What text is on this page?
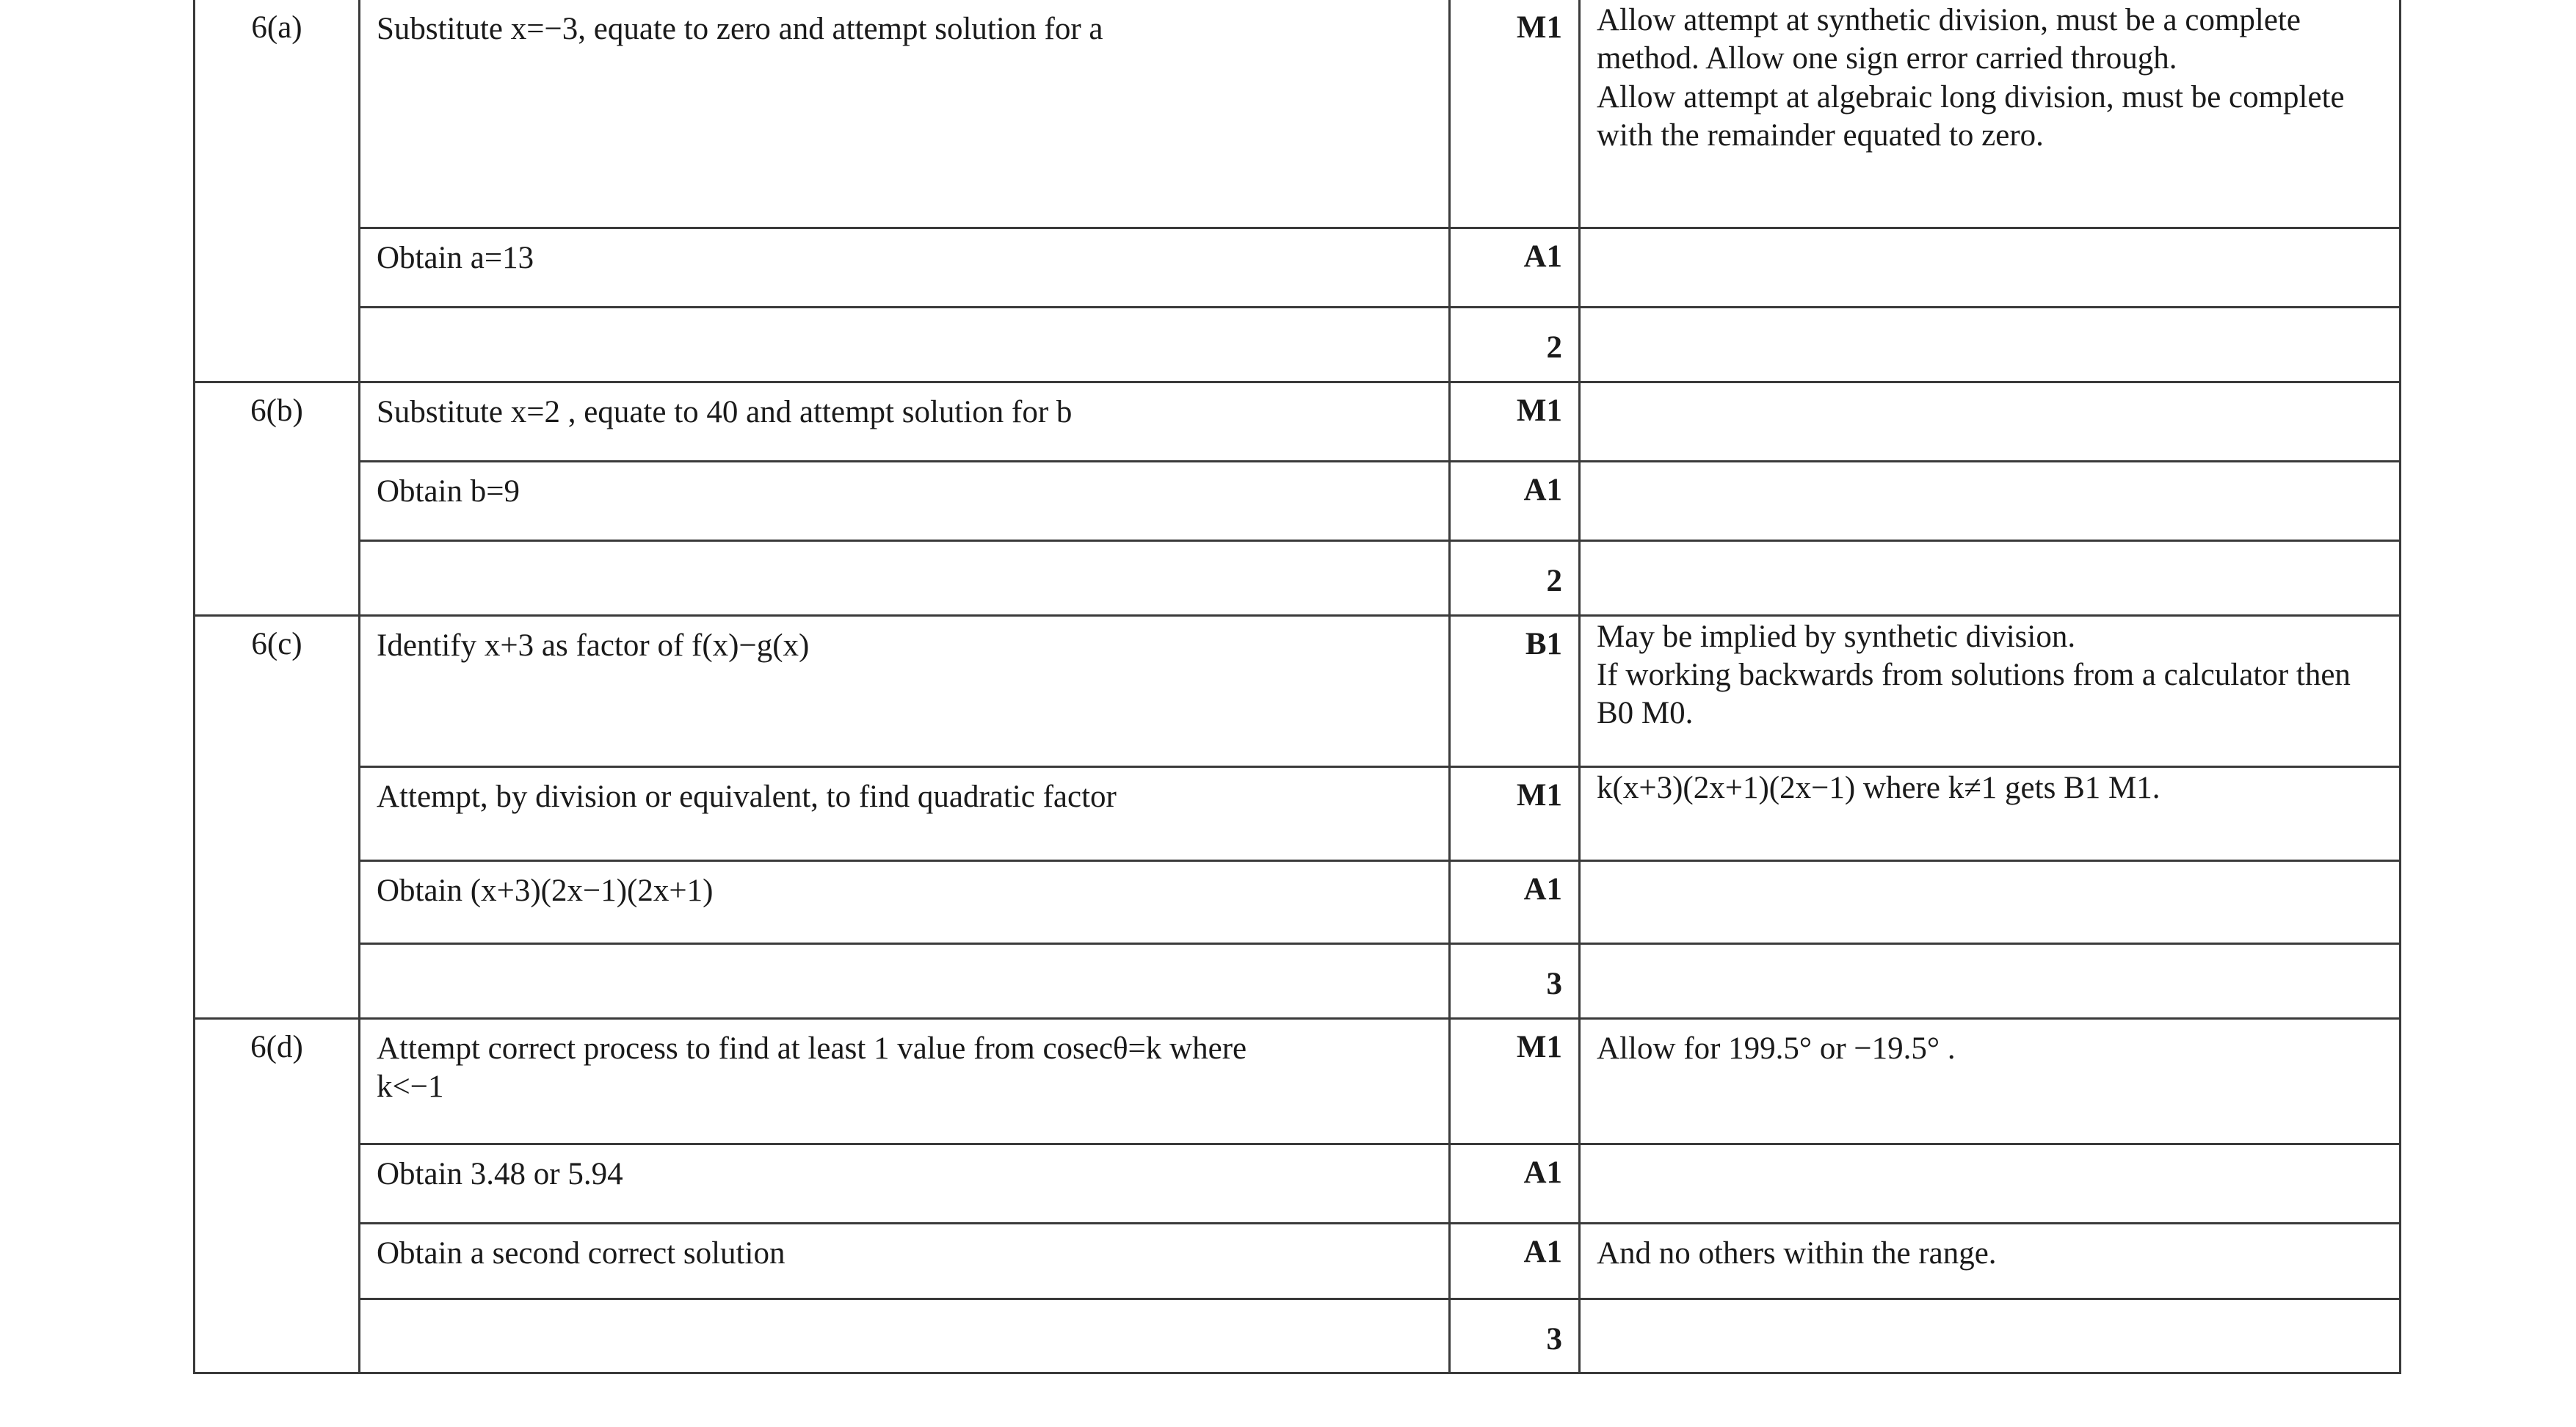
6(a)	Substitute x=−3, equate to zero and attempt solution for a	M1	Allow attempt at synthetic division, must be a complete method. Allow one sign error carried through.
Allow attempt at algebraic long division, must be complete with the remainder equated to zero.
	Obtain a=13	A1	
		2	
6(b)	Substitute x=2 , equate to 40 and attempt solution for b	M1	
	Obtain b=9	A1	
		2	
6(c)	Identify x+3 as factor of f(x)−g(x)	B1	May be implied by synthetic division.
If working backwards from solutions from a calculator then B0 M0.
	Attempt, by division or equivalent, to find quadratic factor	M1	k(x+3)(2x+1)(2x−1) where k≠1 gets B1 M1.
	Obtain (x+3)(2x−1)(2x+1)	A1	
		3	
6(d)	Attempt correct process to find at least 1 value from cosecθ=k where
k<−1	M1	Allow for 199.5° or −19.5° .
	Obtain 3.48 or 5.94	A1	
	Obtain a second correct solution	A1	And no others within the range.
		3	
